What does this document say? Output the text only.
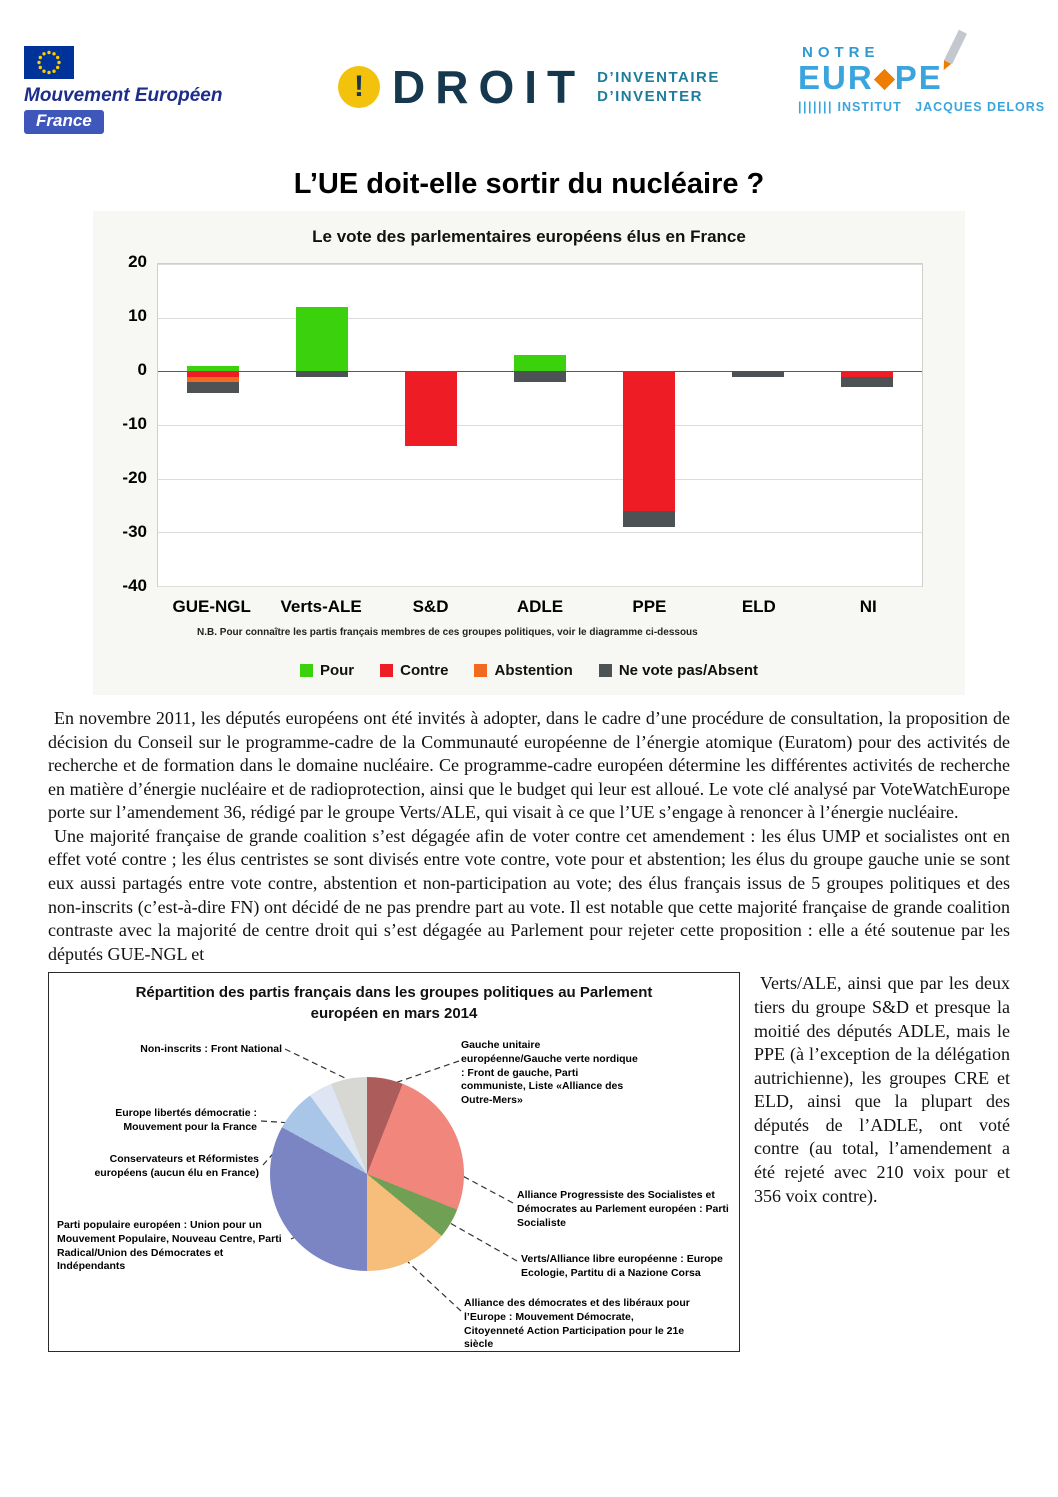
Mouvement Européen
France
! DROIT D’INVENTAIRE
D’INVENTER
NOTRE
EUR PE
||||||| INSTITUT JACQUES DELORS
L’UE doit-elle sortir du nucléaire ?
Le vote des parlementaires européens élus en France
20
10
0
-10
-20
-30
-40
GUE-NGL	Verts-ALE	S&D	ADLE	PPE	ELD	NI
N.B. Pour connaître les partis français membres de ces groupes politiques, voir le diagramme ci-dessous
Pour	Contre	Abstention	Ne vote pas/Absent

En novembre 2011, les députés européens ont été invités à adopter, dans le cadre d’une procédure de consultation, la proposition de décision du Conseil sur le programme-cadre de la Communauté européenne de l’énergie atomique (Euratom) pour des activités de recherche et de formation dans le domaine nucléaire. Ce programme-cadre européen détermine les différentes activités de recherche en matière d’énergie nucléaire et de radioprotection, ainsi que le budget qui leur est alloué. Le vote clé analysé par VoteWatchEurope porte sur l’amendement 36, rédigé par le groupe Verts/ALE, qui visait à ce que l’UE s’engage à renoncer à l’énergie nucléaire.

Une majorité française de grande coalition s’est dégagée afin de voter contre cet amendement : les élus UMP et socialistes ont en effet voté contre ; les élus centristes se sont divisés entre vote contre, vote pour et abstention; les élus du groupe gauche unie se sont eux aussi partagés entre vote contre, abstention et non-participation au vote; des élus français issus de 5 groupes politiques et des non-inscrits (c’est-à-dire FN) ont décidé de ne pas prendre part au vote. Il est notable que cette majorité française de grande coalition contraste avec la majorité de centre droit qui s’est dégagée au Parlement pour rejeter cette proposition : elle a été soutenue par les députés GUE-NGL et

Répartition des partis français dans les groupes politiques au Parlement européen en mars 2014
Non-inscrits : Front National
Europe libertés démocratie : Mouvement pour la France
Conservateurs et Réformistes européens (aucun élu en France)
Parti populaire européen : Union pour un Mouvement Populaire, Nouveau Centre, Parti Radical/Union des Démocrates et Indépendants
Gauche unitaire européenne/Gauche verte nordique : Front de gauche, Parti communiste, Liste «Alliance des Outre-Mers»
Alliance Progressiste des Socialistes et Démocrates au Parlement européen : Parti Socialiste
Verts/Alliance libre européenne : Europe Ecologie, Partitu di a Nazione Corsa
Alliance des démocrates et des libéraux pour l’Europe : Mouvement Démocrate, Citoyenneté Action Participation pour le 21e siècle

Verts/ALE, ainsi que par les deux tiers du groupe S&D et presque la moitié des députés ADLE, mais le PPE (à l’exception de la délégation autrichienne), les groupes CRE et ELD, ainsi que la plupart des députés de l’ADLE, ont voté contre (au total, l’amendement a été rejeté avec 210 voix pour et 356 voix contre).
